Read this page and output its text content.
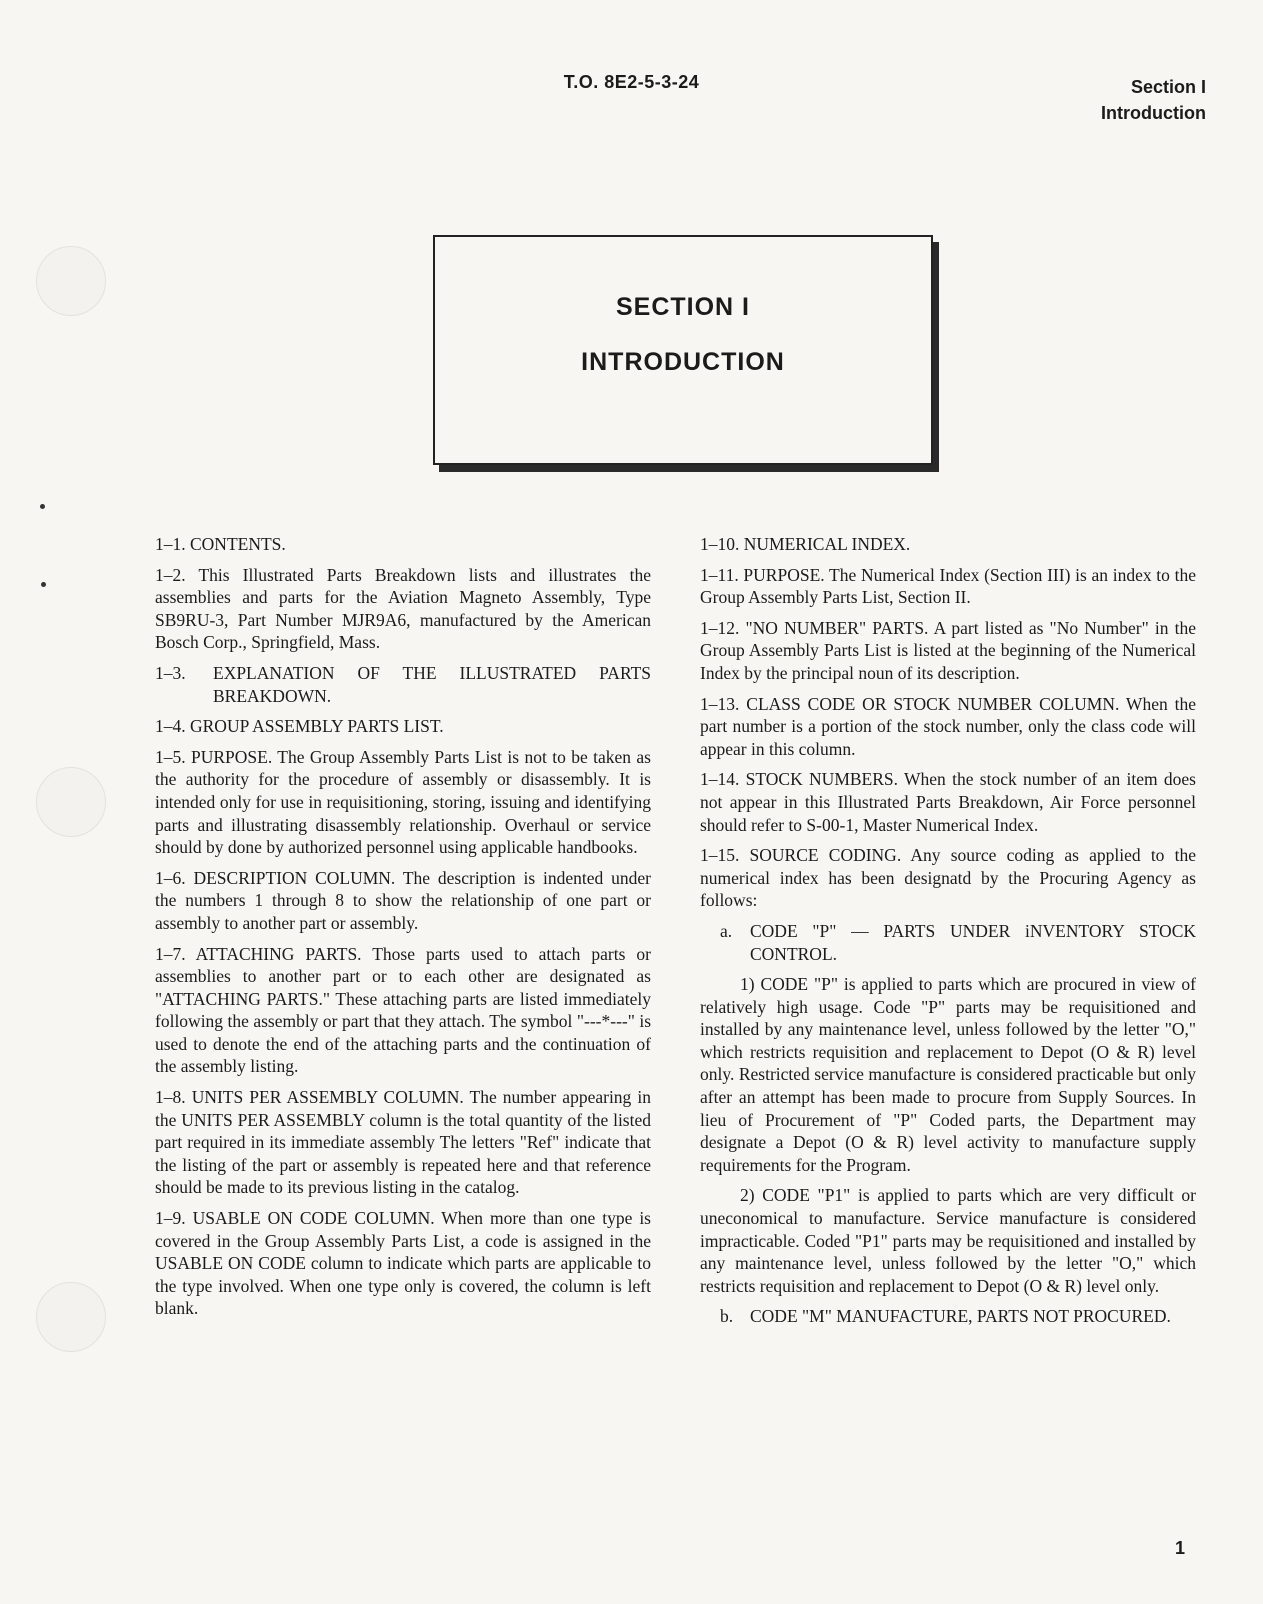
T.O. 8E2-5-3-24	Section I
Introduction
SECTION I
INTRODUCTION
1–1. CONTENTS.
1–2. This Illustrated Parts Breakdown lists and illustrates the assemblies and parts for the Aviation Magneto Assembly, Type SB9RU-3, Part Number MJR9A6, manufactured by the American Bosch Corp., Springfield, Mass.
1–3.	EXPLANATION OF THE ILLUSTRATED PARTS BREAKDOWN.
1–4. GROUP ASSEMBLY PARTS LIST.
1–5. PURPOSE. The Group Assembly Parts List is not to be taken as the authority for the procedure of assembly or disassembly. It is intended only for use in requisitioning, storing, issuing and identifying parts and illustrating disassembly relationship. Overhaul or service should by done by authorized personnel using applicable handbooks.
1–6. DESCRIPTION COLUMN. The description is indented under the numbers 1 through 8 to show the relationship of one part or assembly to another part or assembly.
1–7. ATTACHING PARTS. Those parts used to attach parts or assemblies to another part or to each other are designated as "ATTACHING PARTS." These attaching parts are listed immediately following the assembly or part that they attach. The symbol "---*---" is used to denote the end of the attaching parts and the continuation of the assembly listing.
1–8. UNITS PER ASSEMBLY COLUMN. The number appearing in the UNITS PER ASSEMBLY column is the total quantity of the listed part required in its immediate assembly The letters "Ref" indicate that the listing of the part or assembly is repeated here and that reference should be made to its previous listing in the catalog.
1–9. USABLE ON CODE COLUMN. When more than one type is covered in the Group Assembly Parts List, a code is assigned in the USABLE ON CODE column to indicate which parts are applicable to the type involved. When one type only is covered, the column is left blank.
1–10. NUMERICAL INDEX.
1–11. PURPOSE. The Numerical Index (Section III) is an index to the Group Assembly Parts List, Section II.
1–12. "NO NUMBER" PARTS. A part listed as "No Number" in the Group Assembly Parts List is listed at the beginning of the Numerical Index by the principal noun of its description.
1–13. CLASS CODE OR STOCK NUMBER COLUMN. When the part number is a portion of the stock number, only the class code will appear in this column.
1–14. STOCK NUMBERS. When the stock number of an item does not appear in this Illustrated Parts Breakdown, Air Force personnel should refer to S-00-1, Master Numerical Index.
1–15. SOURCE CODING. Any source coding as applied to the numerical index has been designatd by the Procuring Agency as follows:
a.	CODE "P" — PARTS UNDER iNVENTORY STOCK CONTROL.
1) CODE "P" is applied to parts which are procured in view of relatively high usage. Code "P" parts may be requisitioned and installed by any maintenance level, unless followed by the letter "O," which restricts requisition and replacement to Depot (O & R) level only. Restricted service manufacture is considered practicable but only after an attempt has been made to procure from Supply Sources. In lieu of Procurement of "P" Coded parts, the Department may designate a Depot (O & R) level activity to manufacture supply requirements for the Program.
2) CODE "P1" is applied to parts which are very difficult or uneconomical to manufacture. Service manufacture is considered impracticable. Coded "P1" parts may be requisitioned and installed by any maintenance level, unless followed by the letter "O," which restricts requisition and replacement to Depot (O & R) level only.
b. CODE "M" MANUFACTURE, PARTS NOT PROCURED.
1
